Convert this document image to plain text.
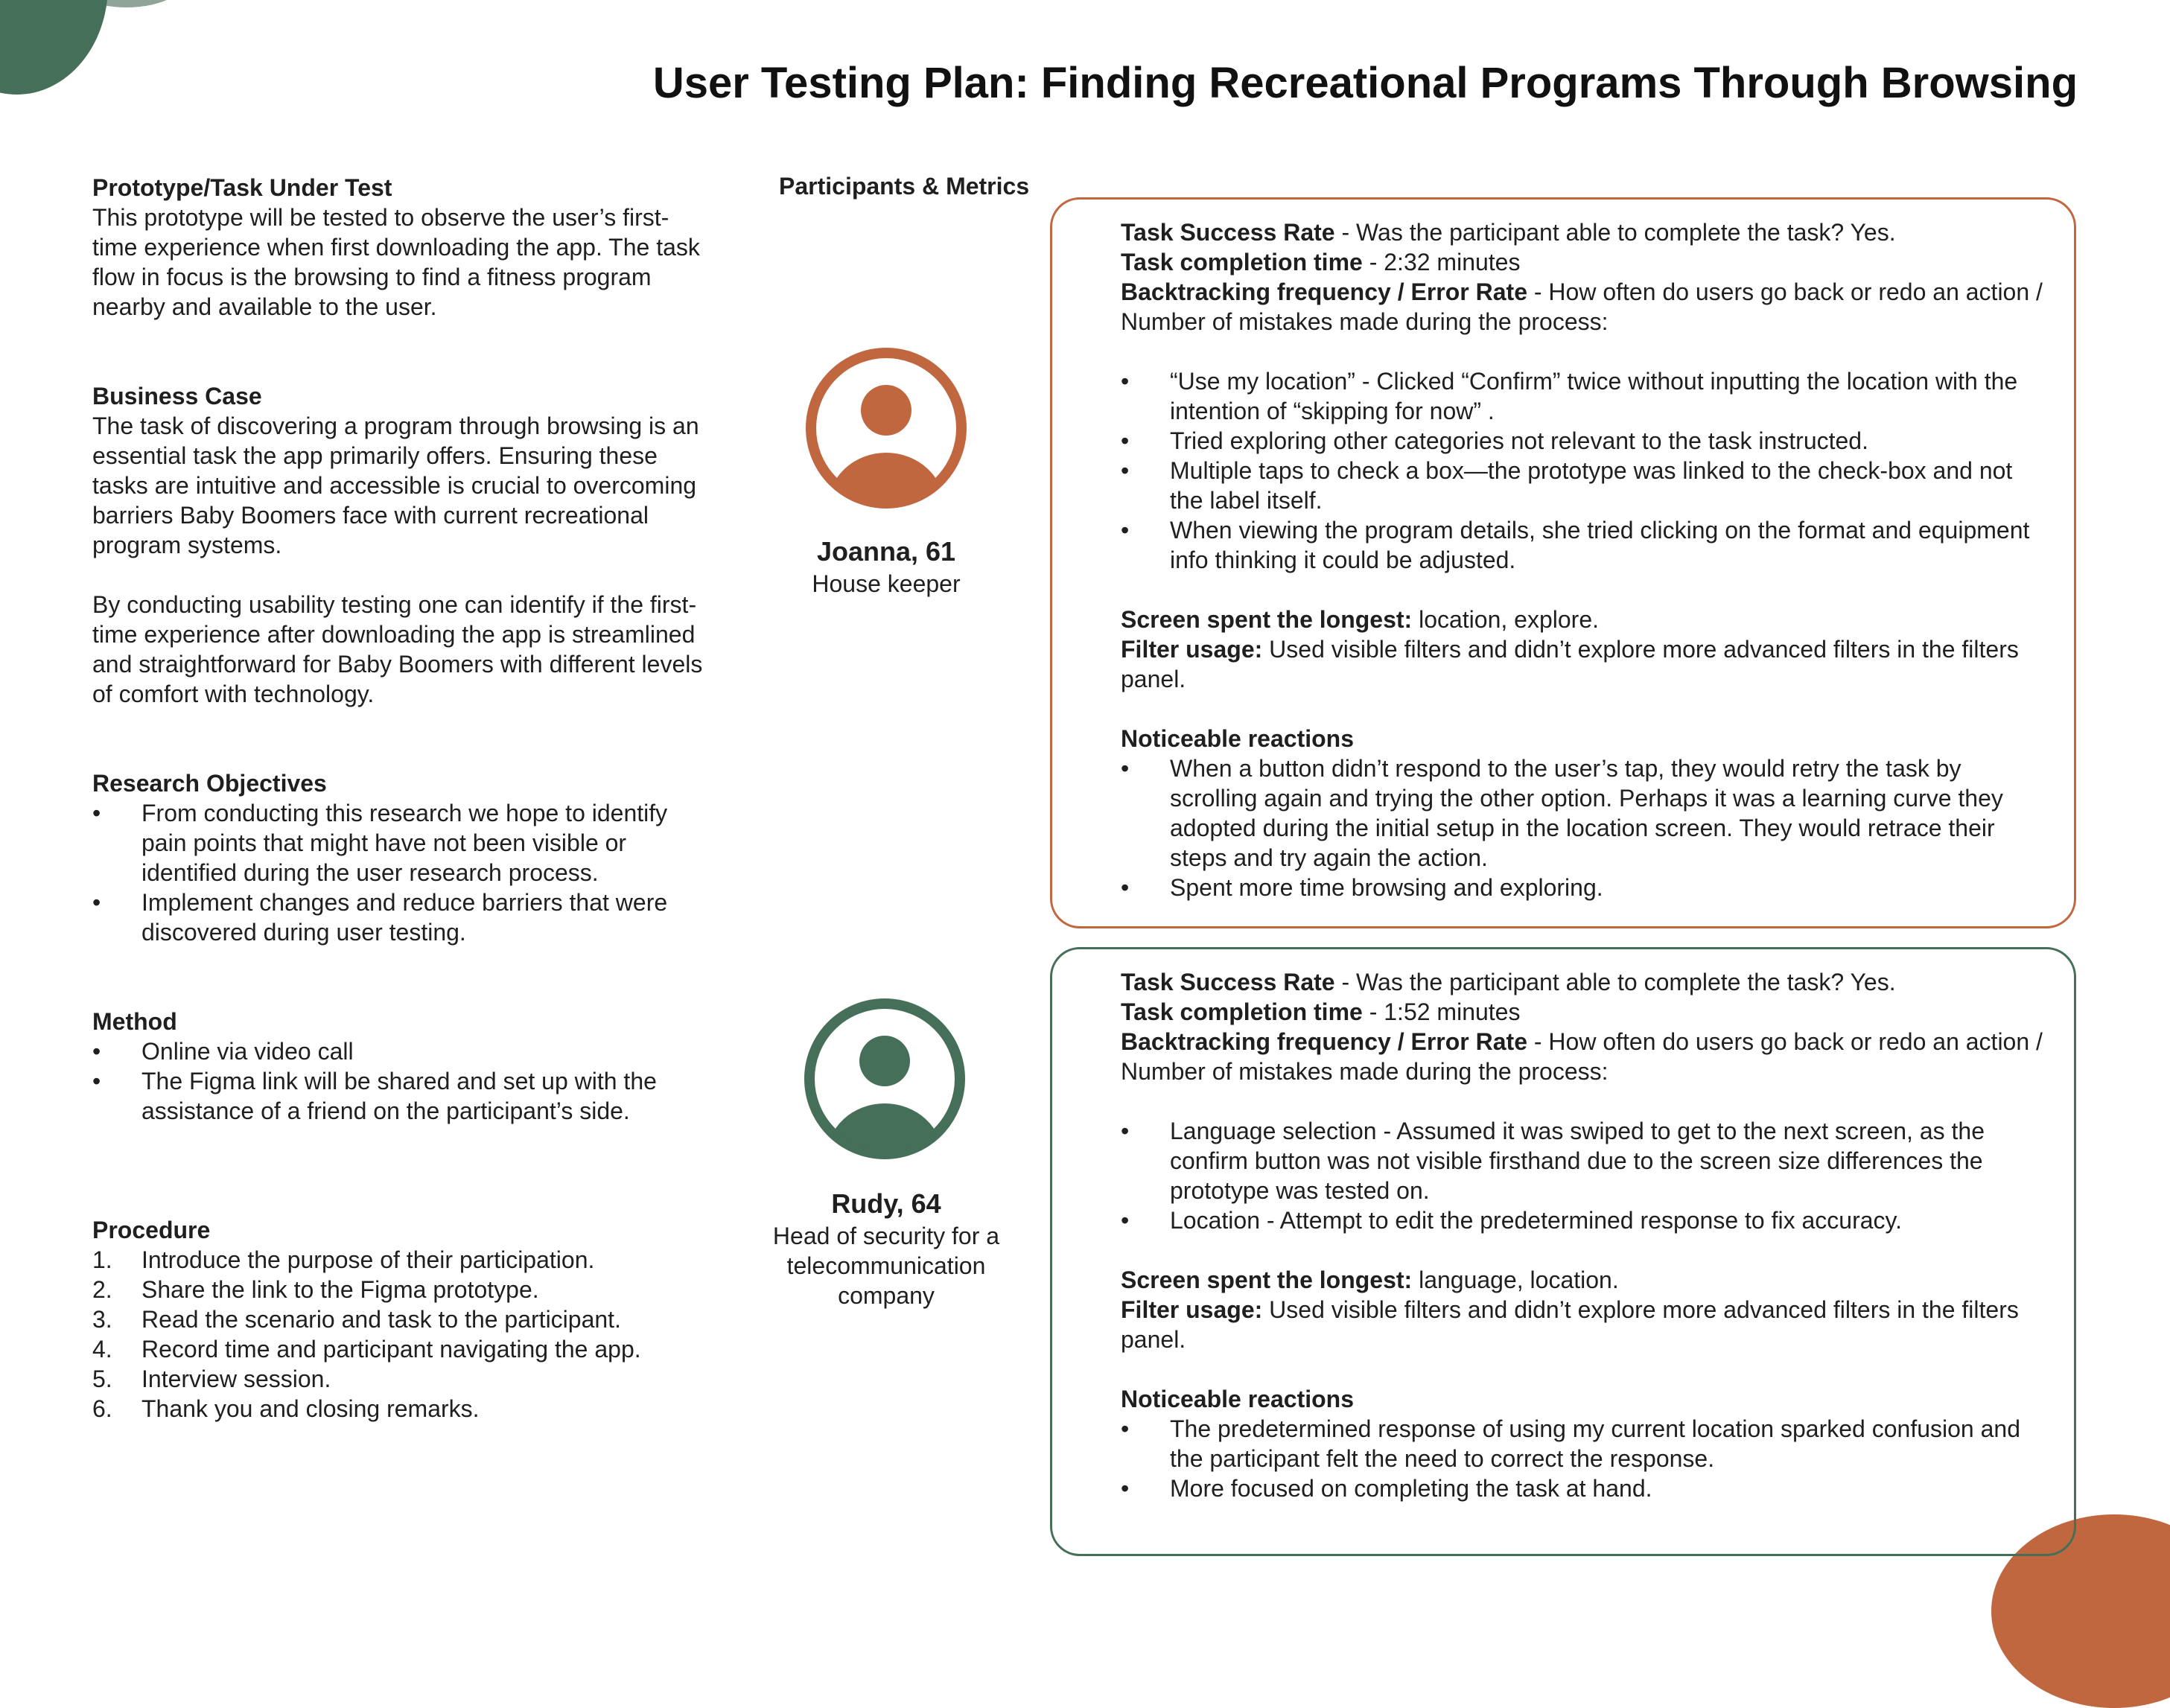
User Testing Plan: Finding Recreational Programs Through Browsing
Prototype/Task Under Test

This prototype will be tested to observe the user’s first-time experience when first downloading the app. The task flow in focus is the browsing to find a fitness program nearby and available to the user.

Business Case

The task of discovering a program through browsing is an essential task the app primarily offers. Ensuring these tasks are intuitive and accessible is crucial to overcoming barriers Baby Boomers face with current recreational program systems.

By conducting usability testing one can identify if the first-time experience after downloading the app is streamlined and straightforward for Baby Boomers with different levels of comfort with technology.

Research Objectives
• From conducting this research we hope to identify pain points that might have not been visible or identified during the user research process.
• Implement changes and reduce barriers that were discovered during user testing.
Method
• Online via video call
• The Figma link will be shared and set up with the assistance of a friend on the participant’s side.
Procedure
1. Introduce the purpose of their participation.
2. Share the link to the Figma prototype.
3. Read the scenario and task to the participant.
4. Record time and participant navigating the app.
5. Interview session.
6. Thank you and closing remarks.

Participants & Metrics

Joanna, 61

House keeper

Task Success Rate - Was the participant able to complete the task? Yes.

Task completion time - 2:32 minutes

Backtracking frequency / Error Rate - How often do users go back or redo an action / Number of mistakes made during the process:

• “Use my location” - Clicked “Confirm” twice without inputting the location with the intention of “skipping for now” .
• Tried exploring other categories not relevant to the task instructed.
• Multiple taps to check a box—the prototype was linked to the check-box and not the label itself.
• When viewing the program details, she tried clicking on the format and equipment info thinking it could be adjusted.

Screen spent the longest: location, explore.

Filter usage: Used visible filters and didn’t explore more advanced filters in the filters panel.

Noticeable reactions

• When a button didn’t respond to the user’s tap, they would retry the task by scrolling again and trying the other option. Perhaps it was a learning curve they adopted during the initial setup in the location screen. They would retrace their steps and try again the action.
• Spent more time browsing and exploring.

Rudy, 64

Head of security for a telecommunication company

Task Success Rate - Was the participant able to complete the task? Yes.

Task completion time - 1:52 minutes

Backtracking frequency / Error Rate - How often do users go back or redo an action / Number of mistakes made during the process:

• Language selection - Assumed it was swiped to get to the next screen, as the confirm button was not visible firsthand due to the screen size differences the prototype was tested on.
• Location - Attempt to edit the predetermined response to fix accuracy.

Screen spent the longest: language, location.

Filter usage: Used visible filters and didn’t explore more advanced filters in the filters panel.

Noticeable reactions

• The predetermined response of using my current location sparked confusion and the participant felt the need to correct the response.
• More focused on completing the task at hand.
